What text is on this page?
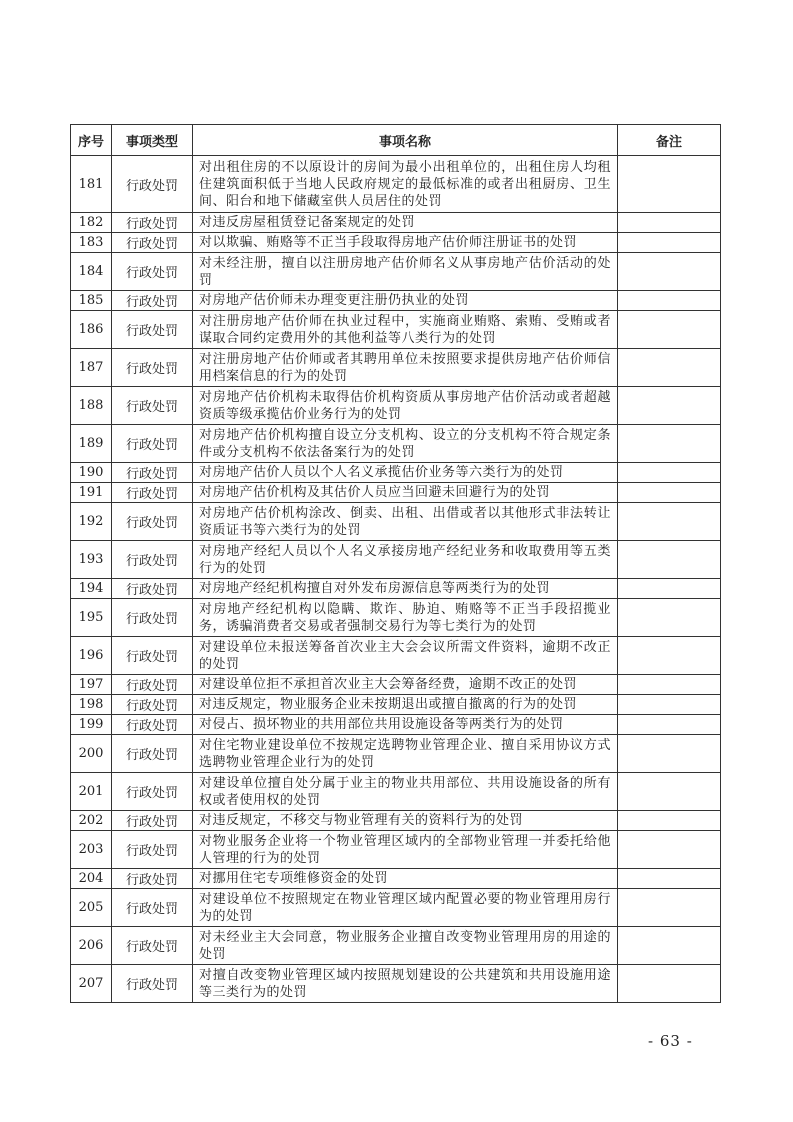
序号	事项类型	事项名称	备注
181	行政处罚	对出租住房的不以原设计的房间为最小出租单位的，出租住房人均租住建筑面积低于当地人民政府规定的最低标准的或者出租厨房、卫生间、阳台和地下储藏室供人员居住的处罚	
182	行政处罚	对违反房屋租赁登记备案规定的处罚	
183	行政处罚	对以欺骗、贿赂等不正当手段取得房地产估价师注册证书的处罚	
184	行政处罚	对未经注册，擅自以注册房地产估价师名义从事房地产估价活动的处罚	
185	行政处罚	对房地产估价师未办理变更注册仍执业的处罚	
186	行政处罚	对注册房地产估价师在执业过程中，实施商业贿赂、索贿、受贿或者谋取合同约定费用外的其他利益等八类行为的处罚	
187	行政处罚	对注册房地产估价师或者其聘用单位未按照要求提供房地产估价师信用档案信息的行为的处罚	
188	行政处罚	对房地产估价机构未取得估价机构资质从事房地产估价活动或者超越资质等级承揽估价业务行为的处罚	
189	行政处罚	对房地产估价机构擅自设立分支机构、设立的分支机构不符合规定条件或分支机构不依法备案行为的处罚	
190	行政处罚	对房地产估价人员以个人名义承揽估价业务等六类行为的处罚	
191	行政处罚	对房地产估价机构及其估价人员应当回避未回避行为的处罚	
192	行政处罚	对房地产估价机构涂改、倒卖、出租、出借或者以其他形式非法转让资质证书等六类行为的处罚	
193	行政处罚	对房地产经纪人员以个人名义承接房地产经纪业务和收取费用等五类行为的处罚	
194	行政处罚	对房地产经纪机构擅自对外发布房源信息等两类行为的处罚	
195	行政处罚	对房地产经纪机构以隐瞒、欺诈、胁迫、贿赂等不正当手段招揽业务，诱骗消费者交易或者强制交易行为等七类行为的处罚	
196	行政处罚	对建设单位未报送筹备首次业主大会会议所需文件资料，逾期不改正的处罚	
197	行政处罚	对建设单位拒不承担首次业主大会筹备经费，逾期不改正的处罚	
198	行政处罚	对违反规定，物业服务企业未按期退出或擅自撤离的行为的处罚	
199	行政处罚	对侵占、损坏物业的共用部位共用设施设备等两类行为的处罚	
200	行政处罚	对住宅物业建设单位不按规定选聘物业管理企业、擅自采用协议方式选聘物业管理企业行为的处罚	
201	行政处罚	对建设单位擅自处分属于业主的物业共用部位、共用设施设备的所有权或者使用权的处罚	
202	行政处罚	对违反规定，不移交与物业管理有关的资料行为的处罚	
203	行政处罚	对物业服务企业将一个物业管理区域内的全部物业管理一并委托给他人管理的行为的处罚	
204	行政处罚	对挪用住宅专项维修资金的处罚	
205	行政处罚	对建设单位不按照规定在物业管理区域内配置必要的物业管理用房行为的处罚	
206	行政处罚	对未经业主大会同意，物业服务企业擅自改变物业管理用房的用途的处罚	
207	行政处罚	对擅自改变物业管理区域内按照规划建设的公共建筑和共用设施用途等三类行为的处罚	
- 63 -
